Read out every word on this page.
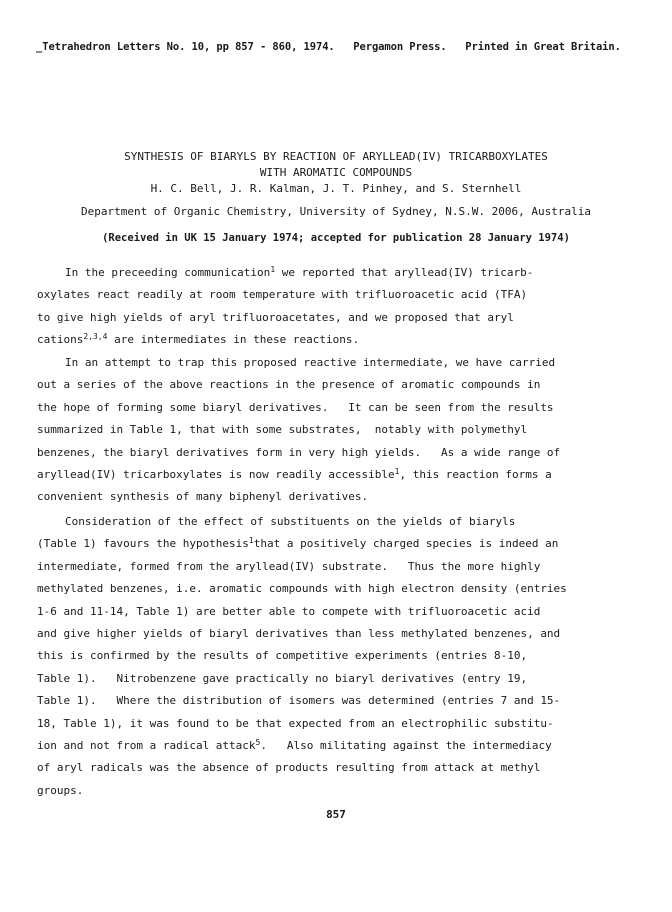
_Tetrahedron Letters No. 10, pp 857 - 860, 1974.   Pergamon Press.   Printed in Great Britain.
SYNTHESIS OF BIARYLS BY REACTION OF ARYLLEAD(IV) TRICARBOXYLATES
WITH AROMATIC COMPOUNDS
H. C. Bell, J. R. Kalman, J. T. Pinhey, and S. Sternhell
Department of Organic Chemistry, University of Sydney, N.S.W. 2006, Australia
(Received in UK 15 January 1974; accepted for publication 28 January 1974)
In the preceeding communication$^1$ we reported that aryllead(IV) tricarb-
oxylates react readily at room temperature with trifluoroacetic acid (TFA)
to give high yields of aryl trifluoroacetates, and we proposed that aryl
cations$^{2,3,4}$ are intermediates in these reactions.
In an attempt to trap this proposed reactive intermediate, we have carried
out a series of the above reactions in the presence of aromatic compounds in
the hope of forming some biaryl derivatives.   It can be seen from the results
summarized in Table 1, that with some substrates,  notably with polymethyl
benzenes, the biaryl derivatives form in very high yields.   As a wide range of
aryllead(IV) tricarboxylates is now readily accessible$^1$, this reaction forms a
convenient synthesis of many biphenyl derivatives.
Consideration of the effect of substituents on the yields of biaryls
(Table 1) favours the hypothesis$^1$that a positively charged species is indeed an
intermediate, formed from the aryllead(IV) substrate.   Thus the more highly
methylated benzenes, i.e. aromatic compounds with high electron density (entries
1-6 and 11-14, Table 1) are better able to compete with trifluoroacetic acid
and give higher yields of biaryl derivatives than less methylated benzenes, and
this is confirmed by the results of competitive experiments (entries 8-10,
Table 1).   Nitrobenzene gave practically no biaryl derivatives (entry 19,
Table 1).   Where the distribution of isomers was determined (entries 7 and 15-
18, Table 1), it was found to be that expected from an electrophilic substitu-
ion and not from a radical attack$^5$.   Also militating against the intermediacy
of aryl radicals was the absence of products resulting from attack at methyl
groups.
857
